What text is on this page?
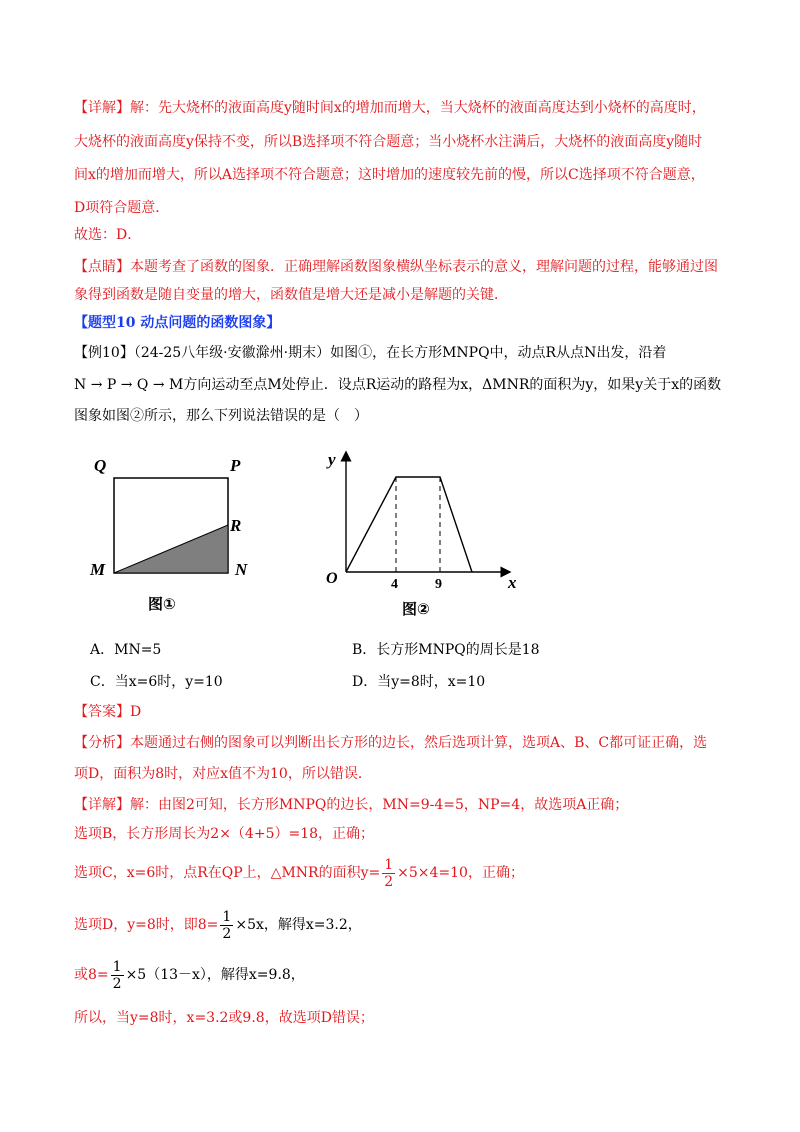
【详解】解：先大烧杯的液面高度y随时间x的增加而增大，当大烧杯的液面高度达到小烧杯的高度时，
大烧杯的液面高度y保持不变，所以B选择项不符合题意；当小烧杯水注满后，大烧杯的液面高度y随时
间x的增加而增大，所以A选择项不符合题意；这时增加的速度较先前的慢，所以C选择项不符合题意，
D项符合题意．
故选：D．
【点睛】本题考查了函数的图象．正确理解函数图象横纵坐标表示的意义，理解问题的过程，能够通过图
象得到函数是随自变量的增大，函数值是增大还是减小是解题的关键．
【题型10 动点问题的函数图象】
【例10】（24-25八年级·安徽滁州·期末）如图①，在长方形MNPQ中，动点R从点N出发，沿着
N → P → Q → M方向运动至点M处停止．设点R运动的路程为x，ΔMNR的面积为y，如果y关于x的函数
图象如图②所示，那么下列说法错误的是（　）
Q	P
R
M	N
图①
y
x
O	4	9
图②
A．MN=5	B．长方形MNPQ的周长是18
C．当x=6时，y=10	D．当y=8时，x=10
【答案】D
【分析】本题通过右侧的图象可以判断出长方形的边长，然后选项计算，选项A、B、C都可证正确，选
项D，面积为8时，对应x值不为10，所以错误．
【详解】解：由图2可知，长方形MNPQ的边长，MN=9-4=5，NP=4，故选项A正确；
选项B，长方形周长为2×（4+5）=18，正确；
选项C，x=6时，点R在QP上，△MNR的面积$y= \frac{1}{2} \times 5\times 4=10$，正确；
选项D，y=8时，即$8= \frac{1}{2} \times 5x$，解得x=3.2，
或$8= \frac{1}{2} \times 5(13-x)$，解得x=9.8，
所以，当y=8时，x=3.2或9.8，故选项D错误；
